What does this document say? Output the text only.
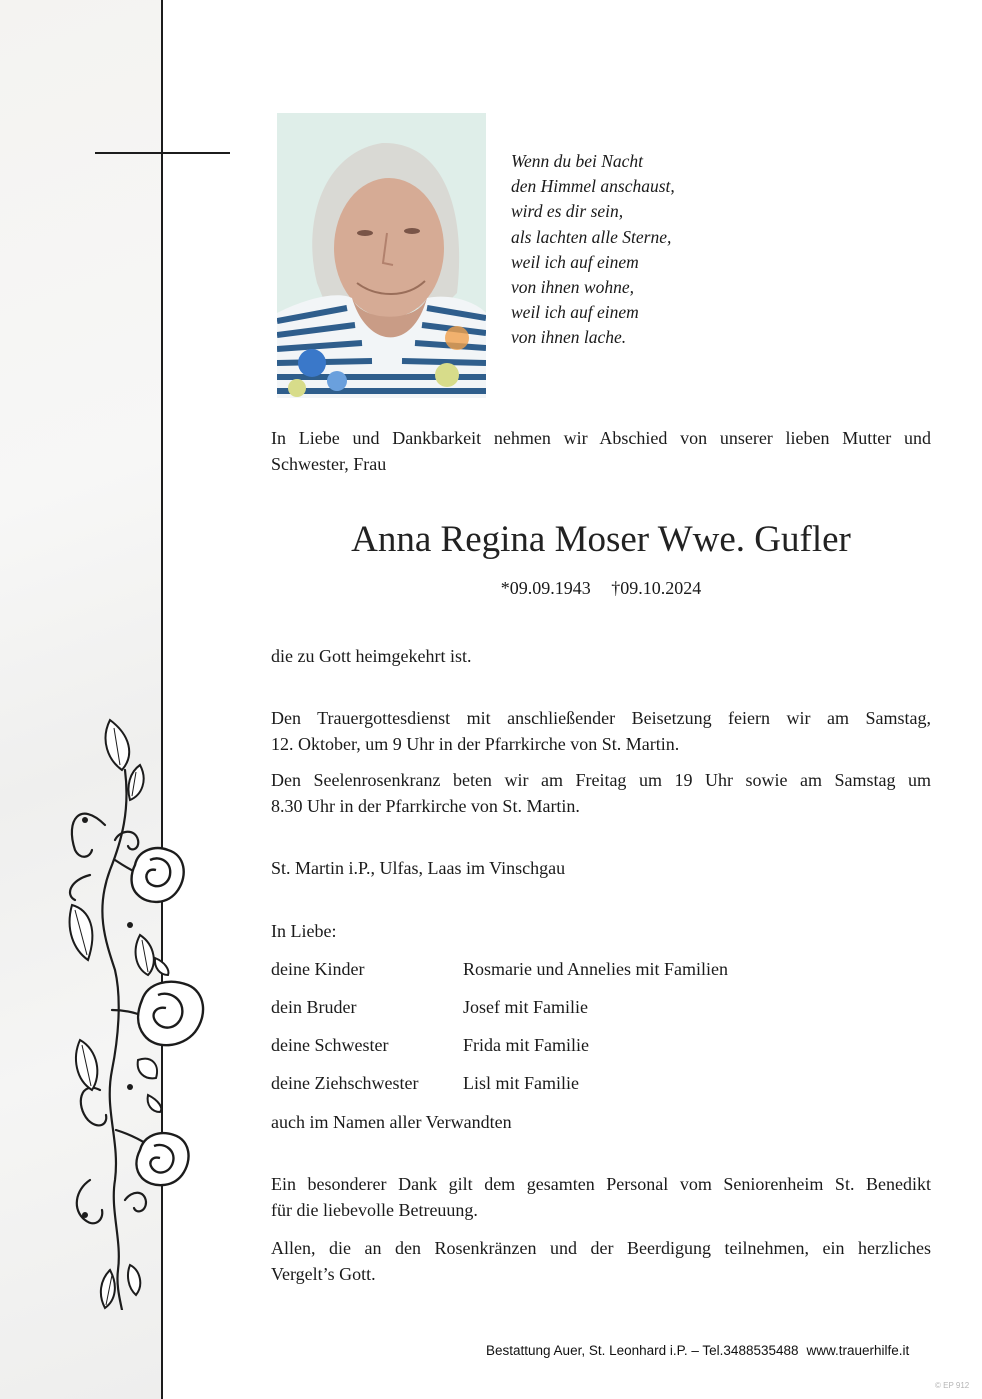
Wenn du bei Nacht
den Himmel anschaust,
wird es dir sein,
als lachten alle Sterne,
weil ich auf einem
von ihnen wohne,
weil ich auf einem
von ihnen lache.
In Liebe und Dankbarkeit nehmen wir Abschied von unserer lieben Mutter und
Schwester, Frau
Anna Regina Moser Wwe. Gufler
*09.09.1943 †09.10.2024
die zu Gott heimgekehrt ist.
Den Trauergottesdienst mit anschließender Beisetzung feiern wir am Samstag,
12. Oktober, um 9 Uhr in der Pfarrkirche von St. Martin.
Den Seelenrosenkranz beten wir am Freitag um 19 Uhr sowie am Samstag um
8.30 Uhr in der Pfarrkirche von St. Martin.
St. Martin i.P., Ulfas, Laas im Vinschgau
In Liebe:
deine Kinder	Rosmarie und Annelies mit Familien
dein Bruder	Josef mit Familie
deine Schwester	Frida mit Familie
deine Ziehschwester Lisl mit Familie
auch im Namen aller Verwandten
Ein besonderer Dank gilt dem gesamten Personal vom Seniorenheim St. Benedikt
für die liebevolle Betreuung.
Allen, die an den Rosenkränzen und der Beerdigung teilnehmen, ein herzliches
Vergelt’s Gott.
Bestattung Auer, St. Leonhard i.P. – Tel.3488535488 www.trauerhilfe.it
© EP 912
